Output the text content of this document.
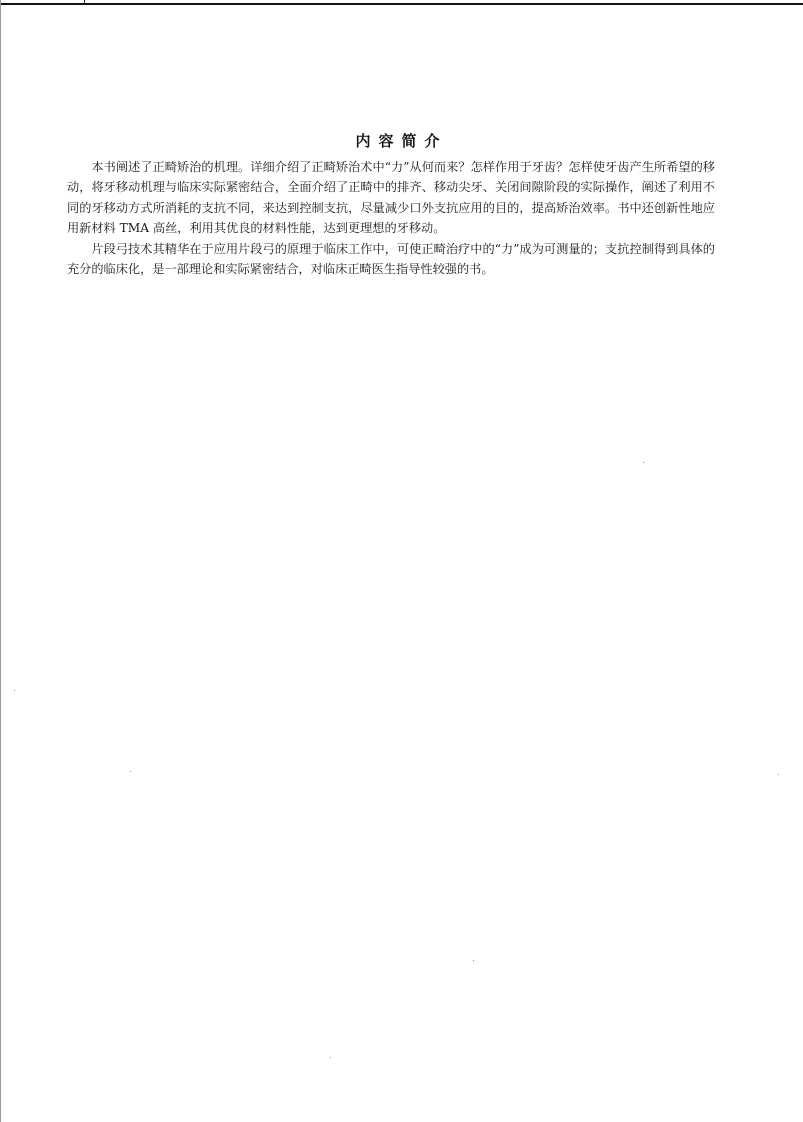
内容简介

本书阐述了正畸矫治的机理。详细介绍了正畸矫治术中“力”从何而来？怎样作用于牙齿？怎样使牙齿产生所希望的移动，将牙移动机理与临床实际紧密结合，全面介绍了正畸中的排齐、移动尖牙、关闭间隙阶段的实际操作，阐述了利用不同的牙移动方式所消耗的支抗不同，来达到控制支抗，尽量减少口外支抗应用的目的，提高矫治效率。书中还创新性地应用新材料 TMA 高丝，利用其优良的材料性能，达到更理想的牙移动。

片段弓技术其精华在于应用片段弓的原理于临床工作中，可使正畸治疗中的“力”成为可测量的；支抗控制得到具体的充分的临床化，是一部理论和实际紧密结合，对临床正畸医生指导性较强的书。
